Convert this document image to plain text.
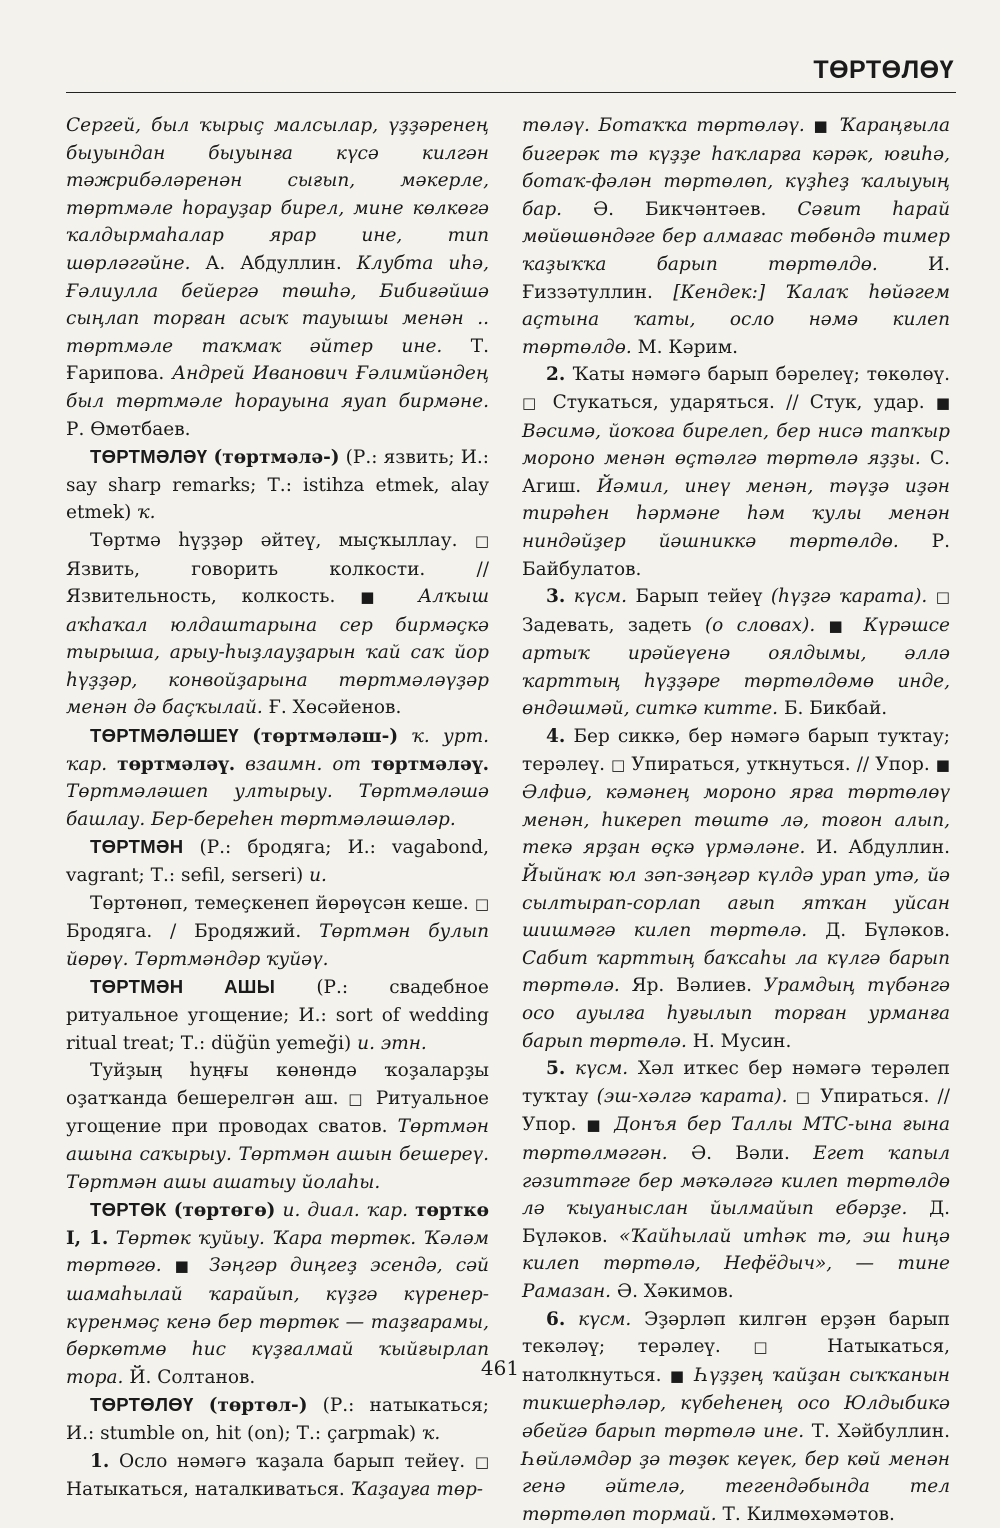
ТӨРТӨЛӨҮ

Сергей, был ҡырыҫ малсылар, үҙҙәренең быуындан быуынға күсә килгән тәжрибәләренән сығып, мәкерле, төртмәле һорауҙар бирел, мине көлкөгә ҡалдырмаһалар ярар ине, тип шөрләгәйне. А. Абдуллин. Клубта иһә, Ғәлиулла бейергә төшһә, Бибиғәйшә сыңлап торған асыҡ тауышы менән .. төртмәле таҡмаҡ әйтер ине. Т. Ғарипова. Андрей Иванович Ғәлимйәндең был төртмәле һорауына яуап бирмәне. Р. Өмөтбаев.

ТӨРТМӘЛӘҮ (төртмәлә-) (Р.: язвить; И.: say sharp remarks; Т.: istihza etmek, alay etmek) ҡ.

Төртмә һүҙҙәр әйтеү, мыҫҡыллау. □ Язвить, говорить колкости. // Язвительность, колкость. ■ Алҡыш аҡһаҡал юлдаштарына сер бирмәҫкә тырыша, арыу-һыҙлауҙарын ҡай саҡ йор һүҙҙәр, конвойҙарына төртмәләүҙәр менән дә баҫҡылай. Ғ. Хөсәйенов.

ТӨРТМӘЛӘШЕҮ (төртмәләш-) ҡ. урт. ҡар. төртмәләү. взаимн. от төртмәләү. Төртмәләшеп ултырыу. Төртмәләшә башлау. Бер-береһен төртмәләшәләр.

ТӨРТМӘН (Р.: бродяга; И.: vagabond, vagrant; Т.: sefil, serseri) и.

Төртөнөп, темеҫкенеп йөрөүсән кеше. □ Бродяга. / Бродяжий. Төртмән булып йөрөү. Төртмәндәр ҡуйәү.

ТӨРТМӘН АШЫ (Р.: свадебное ритуальное угощение; И.: sort of wedding ritual treat; Т.: düğün yemeği) и. этн.

Туйҙың һуңғы көнөндә ҡоҙаларҙы оҙатҡанда бешерелгән аш. □ Ритуальное угощение при проводах сватов. Төртмән ашына саҡырыу. Төртмән ашын бешереү. Төртмән ашы ашатыу йолаһы.

ТӨРТӨК (төртөгө) и. диал. ҡар. төрткө I, 1. Төртөк ҡуйыу. Ҡара төртөк. Ҡәләм төртөгө. ■ Зәңгәр диңгеҙ эсендә, сәй шамаһылай ҡарайып, күҙгә күренер-күренмәҫ кенә бер төртөк — таҙғарамы, бөркөтмө һис күҙғалмай ҡыйғырлап тора. Й. Солтанов.

ТӨРТӨЛӨҮ (төртөл-) (Р.: натыкаться; И.: stumble on, hit (on); Т.: çarpmak) ҡ.

1. Осло нәмәгә ҡаҙала барып тейеү. □ Натыкаться, наталкиваться. Ҡаҙауға төр-

төләү. Ботаҡҡа төртөләү. ■ Ҡараңғыла бигерәк тә күҙҙе һаҡларға кәрәк, юғиһә, ботаҡ-фәлән төртөлөп, күҙһеҙ ҡалыуың бар. Ә. Бикчәнтәев. Сәғит һарай мөйөшөндәге бер алмағас төбөндә тимер ҡаҙыҡҡа барып төртөлдө.	И. Ғиззәтуллин. [Кендек:] Ҡалаҡ һөйәгем аҫтына ҡаты, осло нәмә килеп төртөлдө. М. Кәрим.

2. Ҡаты нәмәгә барып бәрелеү; төкөлөү. □ Стукаться, ударяться. // Стук, удар. ■ Вәсимә, йоҡоға бирелеп, бер нисә тапҡыр мороно менән өҫтәлгә төртөлә яҙҙы. С. Агиш. Йәмил, инеү менән, тәүҙә иҙән тирәһен һәрмәне һәм ҡулы менән ниндәйҙер йәшниккә төртөлдө. Р. Байбулатов.

3. күсм. Барып тейеү (һүҙгә ҡарата). □ Задевать, задеть (о словах). ■ Күрәшсе артыҡ ирәйеүенә оялдымы, әллә ҡарттың һүҙҙәре төртөлдөмө инде, өндәшмәй, ситкә китте. Б. Бикбай.

4. Бер сиккә, бер нәмәгә барып туҡтау; терәлеү. □ Упираться, уткнуться. // Упор. ■ Әлфиә, кәмәнең мороно ярға төртөлөү менән, һикереп төштө лә, тоғон алып, текә ярҙан өҫкә үрмәләне. И. Абдуллин. Йыйнаҡ юл зәп-зәңгәр күлдә урап утә, йә сылтырап-сорлап ағып ятҡан уйсан шишмәгә килеп төртөлә. Д. Бүләков. Сабит ҡарттың баҡсаһы ла күлгә барып төртөлә. Яр. Вәлиев. Урамдың түбәнгә осо ауылға һуғылып торған урманға барып төртөлә. Н. Мусин.

5. күсм. Хәл иткес бер нәмәгә терәлеп туҡтау (эш-хәлгә ҡарата). □ Упираться. // Упор. ■ Донъя бер Таллы МТС-ына ғына төртөлмәгән. Ә. Вәли. Егет ҡапыл гәзиттәге бер мәҡәләгә килеп төртөлдө лә ҡыуаныслан йылмайып ебәрҙе. Д. Бүләков. «Ҡайһылай итһәк тә, эш һиңә килеп төртөлә, Нефёдыч», — тине Рамазан. Ә. Хәкимов.

6. күсм. Эҙәрләп килгән ерҙән барып текәләү; терәлеү. □ Натыкаться, натолкнуться. ■ Һүҙҙең ҡайҙан сыҡҡанын тикшерһәләр, күбеһенең осо Юлдыбикә әбейгә барып төртөлә ине. Т. Хәйбуллин. Һөйләмдәр ҙә төҙөк кеүек, бер көй менән генә әйтелә, тегендәбында тел төртөлөп тормай. Т. Килмөхәмәтов.

461
